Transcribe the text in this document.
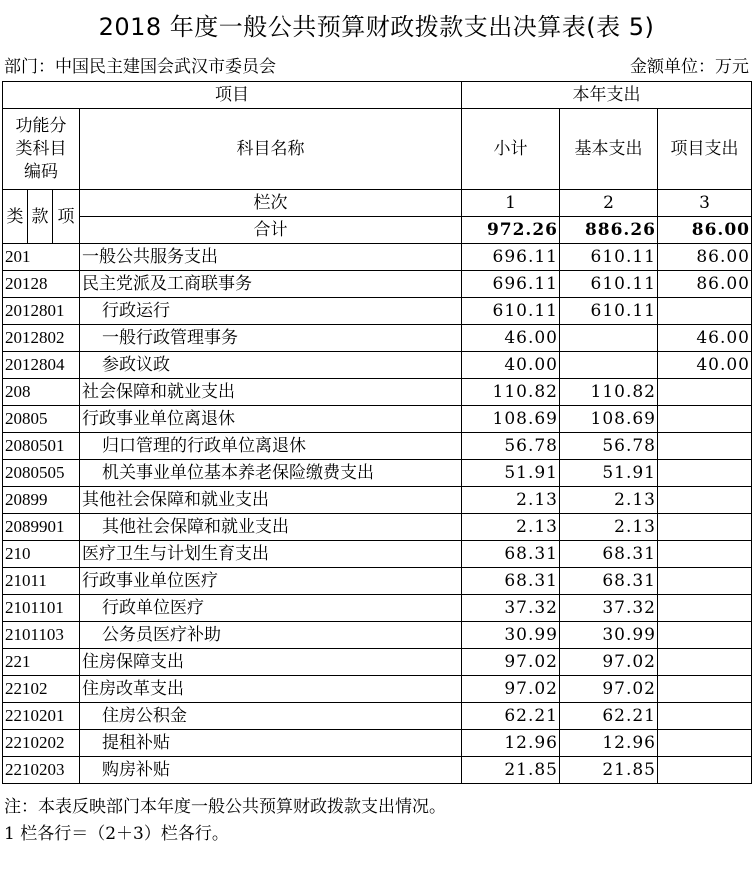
2018 年度一般公共预算财政拨款支出决算表(表 5)
部门：中国民主建国会武汉市委员会	金额单位：万元
项目				本年支出		

功能分
类科目
编码			科目名称	小计	基本支出	项目支出
类	款	项	栏次	1	2	3
			合计	972.26	886.26	86.00
201			一般公共服务支出	696.11	610.11	86.00
20128			民主党派及工商联事务	696.11	610.11	86.00
2012801			行政运行	610.11	610.11	
2012802			一般行政管理事务	46.00		46.00
2012804			参政议政	40.00		40.00
208			社会保障和就业支出	110.82	110.82	
20805			行政事业单位离退休	108.69	108.69	
2080501			归口管理的行政单位离退休	56.78	56.78	
2080505			机关事业单位基本养老保险缴费支出	51.91	51.91	
20899			其他社会保障和就业支出	2.13	2.13	
2089901			其他社会保障和就业支出	2.13	2.13	
210			医疗卫生与计划生育支出	68.31	68.31	
21011			行政事业单位医疗	68.31	68.31	
2101101			行政单位医疗	37.32	37.32	
2101103			公务员医疗补助	30.99	30.99	
221			住房保障支出	97.02	97.02	
22102			住房改革支出	97.02	97.02	
2210201			住房公积金	62.21	62.21	
2210202			提租补贴	12.96	12.96	
2210203			购房补贴	21.85	21.85	
注：本表反映部门本年度一般公共预算财政拨款支出情况。
1 栏各行＝（2＋3）栏各行。
